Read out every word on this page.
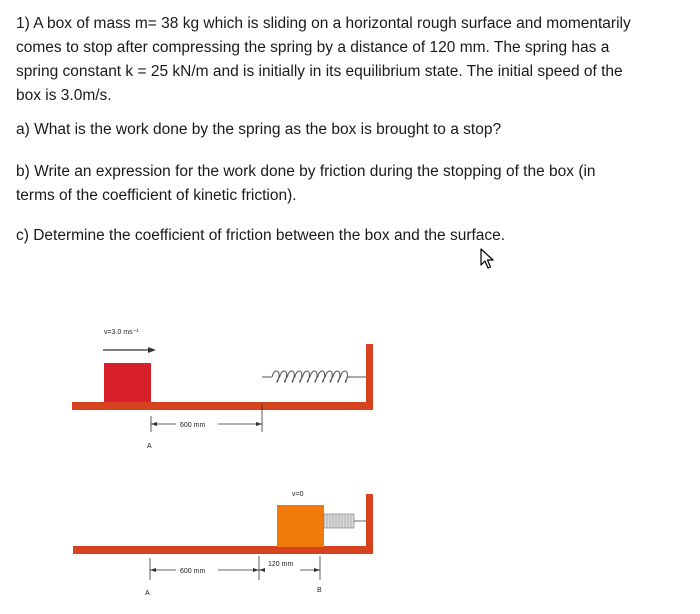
1) A box of mass m= 38 kg which is sliding on a horizontal rough surface and momentarily
comes to stop after compressing the spring by a distance of 120 mm. The spring has a
spring constant k = 25 kN/m and is initially in its equilibrium state. The initial speed of the
box is 3.0m/s.

a) What is the work done by the spring as the box is brought to a stop?

b) Write an expression for the work done by friction during the stopping of the box (in
terms of the coefficient of kinetic friction).

c) Determine the coefficient of friction between the box and the surface.

v=3.0 ms⁻¹
600 mm
A
v=0
600 mm
120 mm
A	B
